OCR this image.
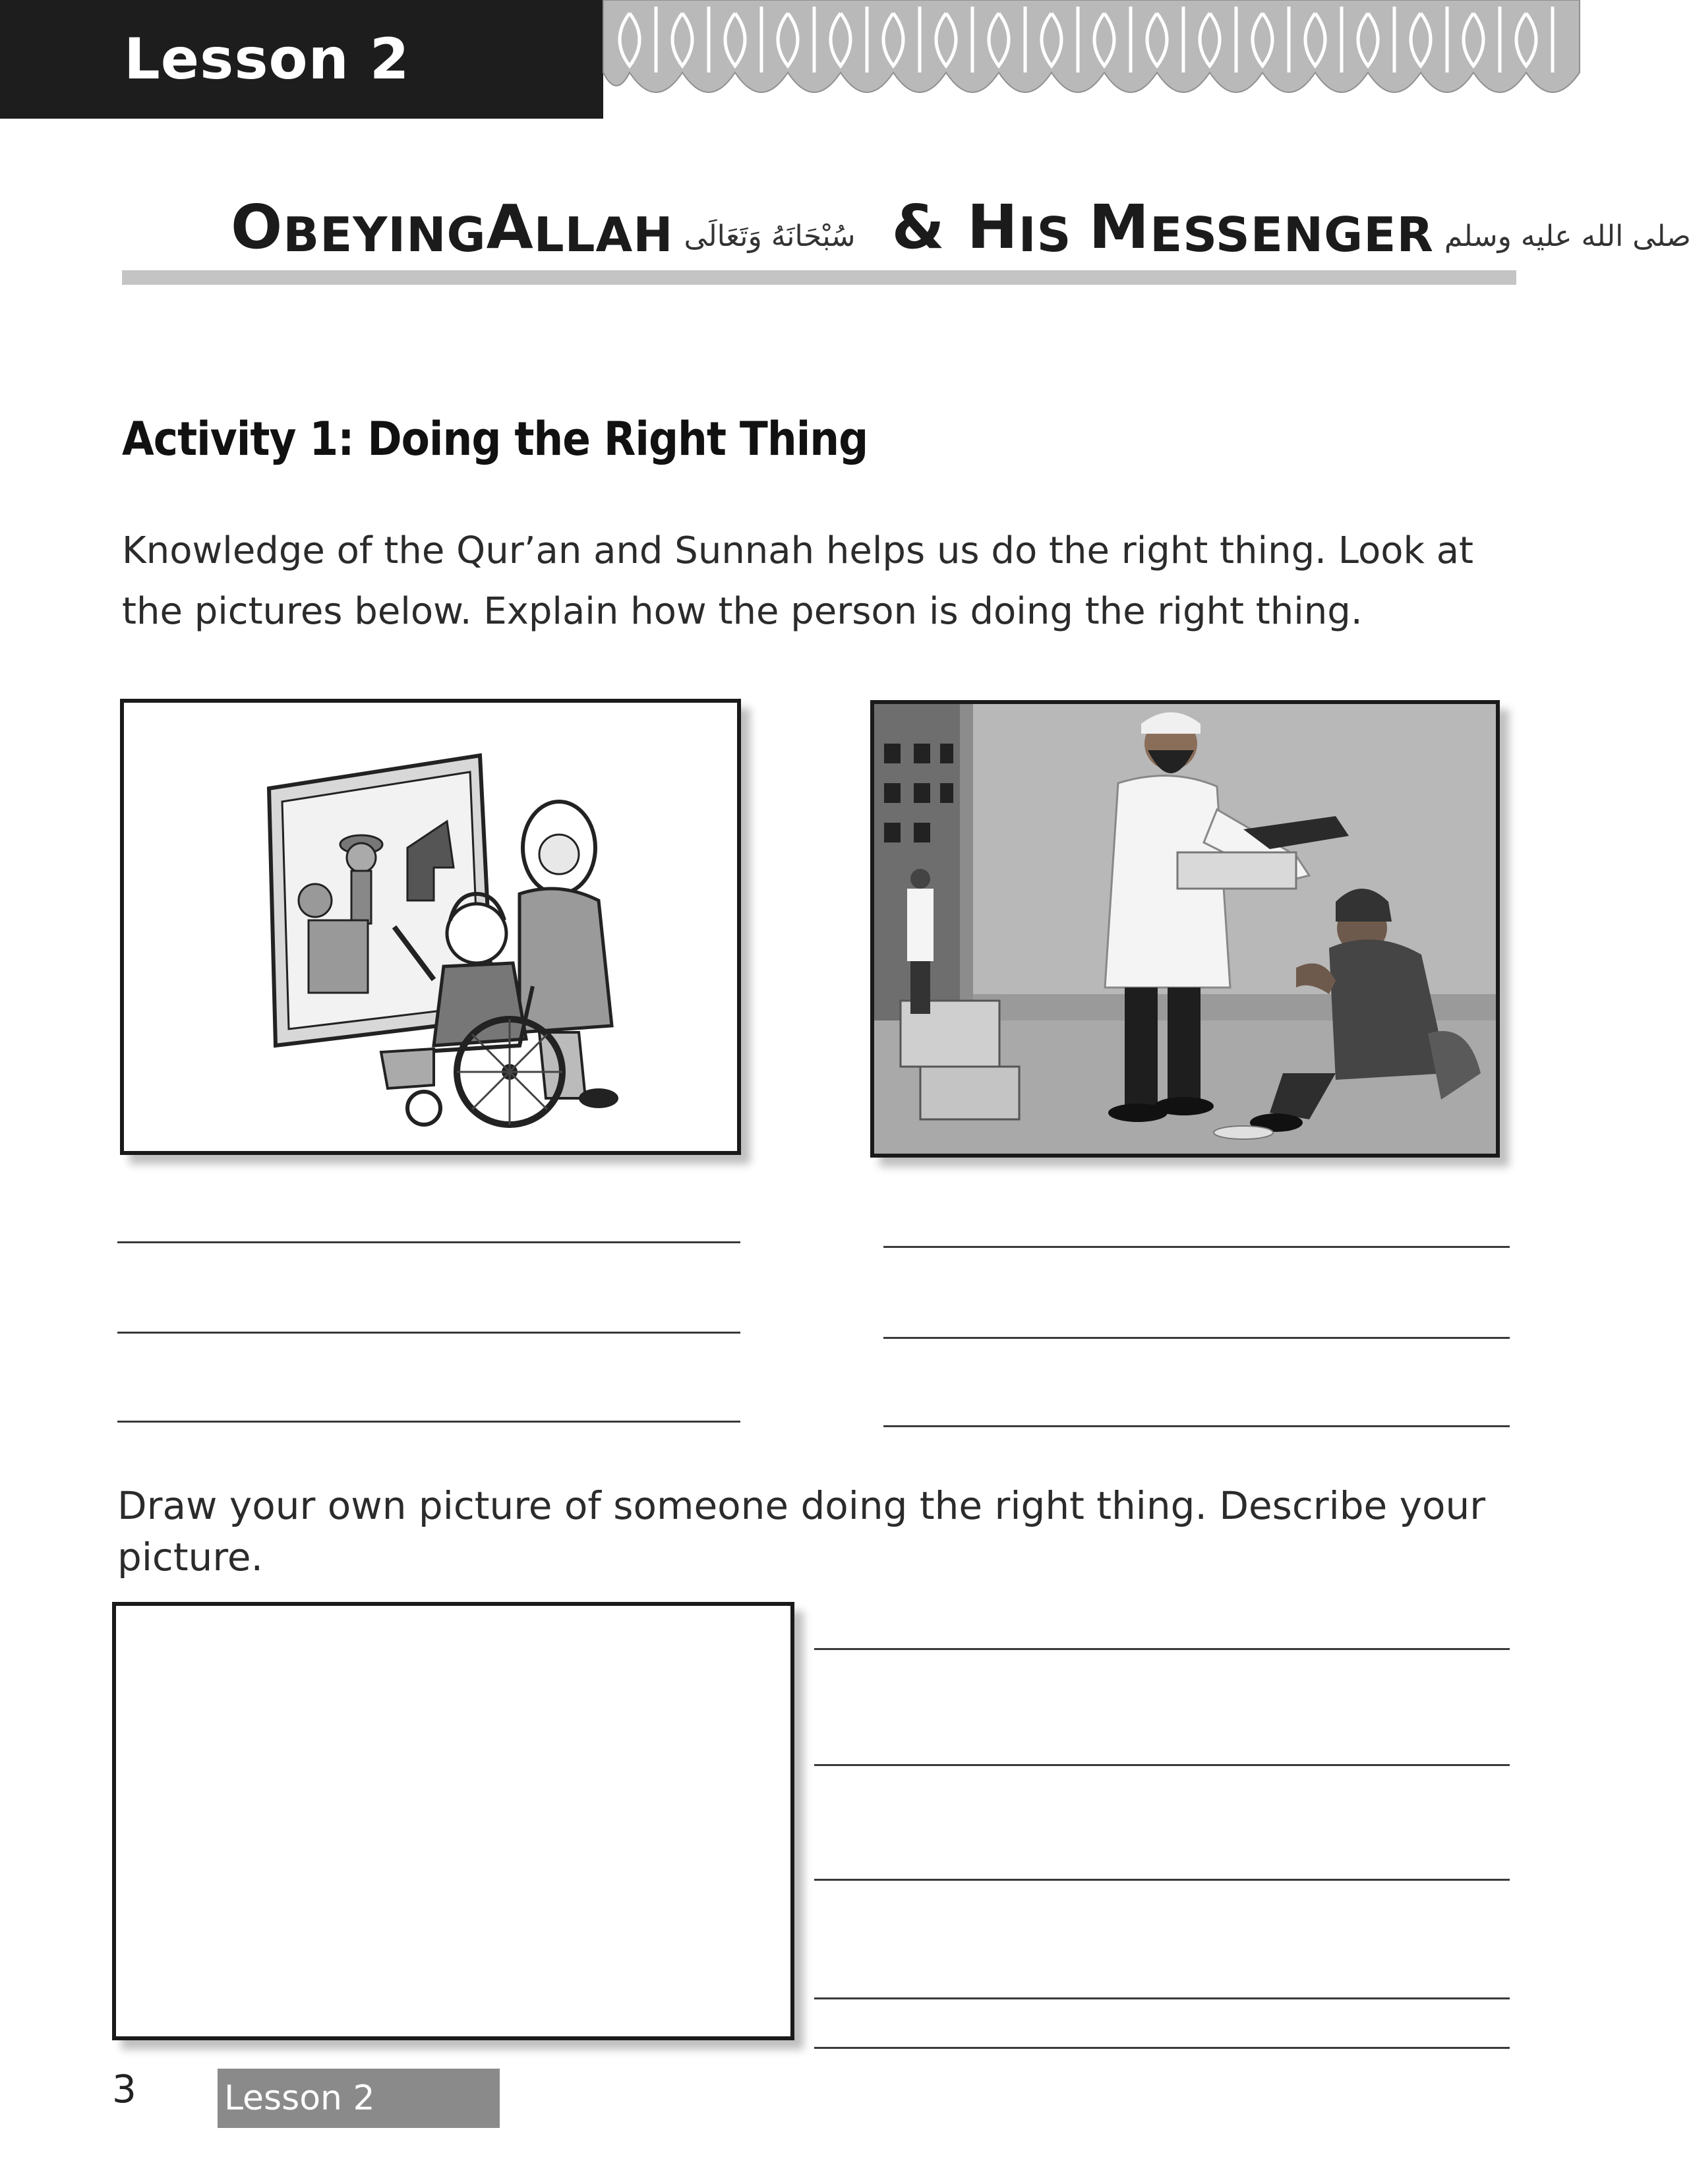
Lesson 2
O BEYING A LLAH سُبْحَانَهُ وَتَعَالَى & H IS M ESSENGER صلى الله عليه وسلم
Activity 1: Doing the Right Thing
Knowledge of the Qur’an and Sunnah helps us do the right thing. Look at the pictures below. Explain how the person is doing the right thing.
Draw your own picture of someone doing the right thing. Describe your picture.
3	Lesson 2
